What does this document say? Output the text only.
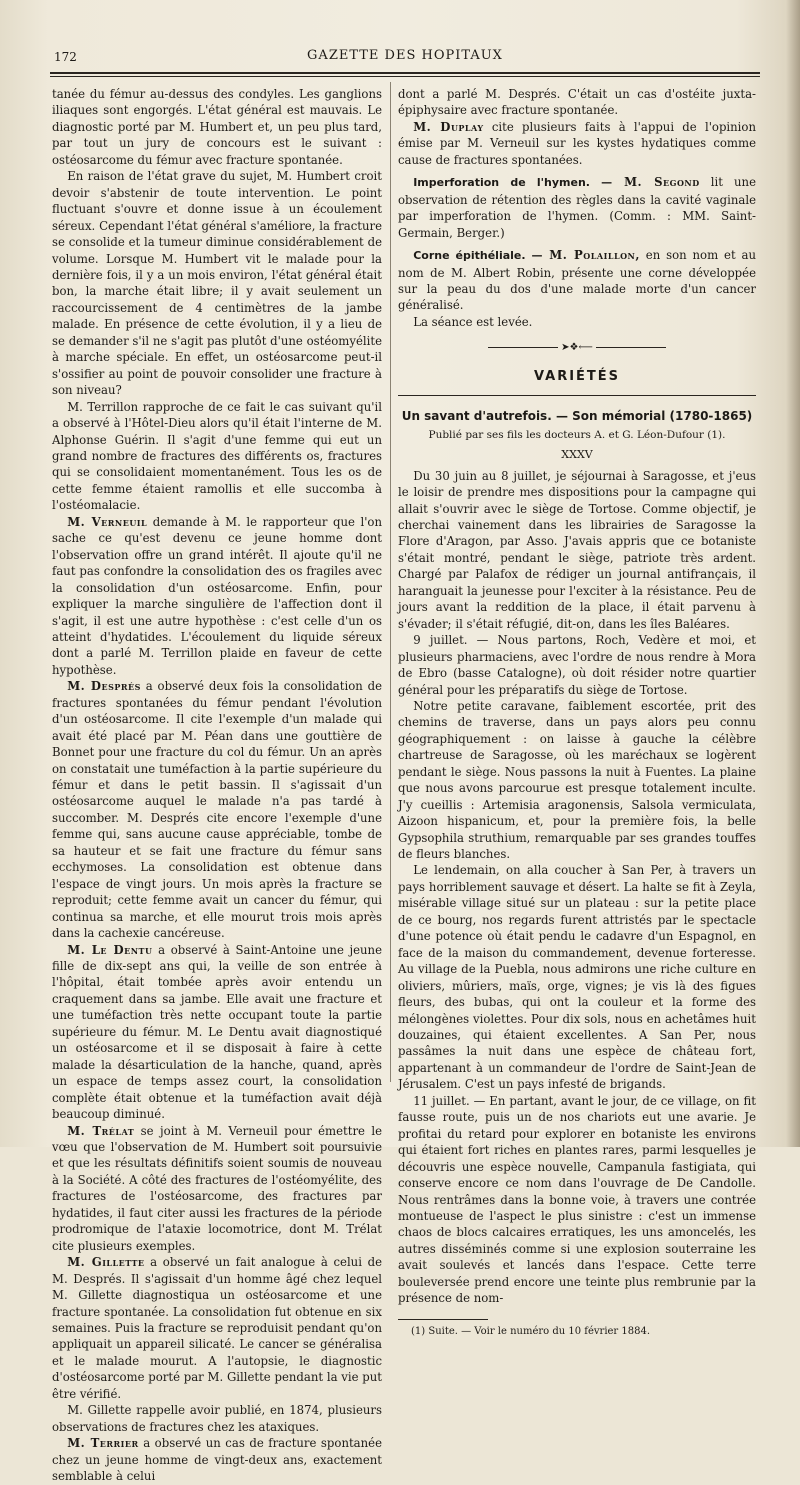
172	GAZETTE DES HOPITAUX

tanée du fémur au-dessus des condyles. Les ganglions iliaques sont engorgés. L'état général est mauvais. Le diagnostic porté par M. Humbert et, un peu plus tard, par tout un jury de concours est le suivant : ostéosarcome du fémur avec fracture spontanée.

En raison de l'état grave du sujet, M. Humbert croit devoir s'abstenir de toute intervention. Le point fluctuant s'ouvre et donne issue à un écoulement séreux. Cependant l'état général s'améliore, la fracture se consolide et la tumeur diminue considérablement de volume. Lorsque M. Humbert vit le malade pour la dernière fois, il y a un mois environ, l'état général était bon, la marche était libre; il y avait seulement un raccourcissement de 4 centimètres de la jambe malade. En présence de cette évolution, il y a lieu de se demander s'il ne s'agit pas plutôt d'une ostéomyélite à marche spéciale. En effet, un ostéosarcome peut-il s'ossifier au point de pouvoir consolider une fracture à son niveau?

M. Terrillon rapproche de ce fait le cas suivant qu'il a observé à l'Hôtel-Dieu alors qu'il était l'interne de M. Alphonse Guérin. Il s'agit d'une femme qui eut un grand nombre de fractures des différents os, fractures qui se consolidaient momentanément. Tous les os de cette femme étaient ramollis et elle succomba à l'ostéomalacie.

M. Verneuil demande à M. le rapporteur que l'on sache ce qu'est devenu ce jeune homme dont l'observation offre un grand intérêt. Il ajoute qu'il ne faut pas confondre la consolidation des os fragiles avec la consolidation d'un ostéosarcome. Enfin, pour expliquer la marche singulière de l'affection dont il s'agit, il est une autre hypothèse : c'est celle d'un os atteint d'hydatides. L'écoulement du liquide séreux dont a parlé M. Terrillon plaide en faveur de cette hypothèse.

M. Després a observé deux fois la consolidation de fractures spontanées du fémur pendant l'évolution d'un ostéosarcome. Il cite l'exemple d'un malade qui avait été placé par M. Péan dans une gouttière de Bonnet pour une fracture du col du fémur. Un an après on constatait une tuméfaction à la partie supérieure du fémur et dans le petit bassin. Il s'agissait d'un ostéosarcome auquel le malade n'a pas tardé à succomber. M. Després cite encore l'exemple d'une femme qui, sans aucune cause appréciable, tombe de sa hauteur et se fait une fracture du fémur sans ecchymoses. La consolidation est obtenue dans l'espace de vingt jours. Un mois après la fracture se reproduit; cette femme avait un cancer du fémur, qui continua sa marche, et elle mourut trois mois après dans la cachexie cancéreuse.

M. Le Dentu a observé à Saint-Antoine une jeune fille de dix-sept ans qui, la veille de son entrée à l'hôpital, était tombée après avoir entendu un craquement dans sa jambe. Elle avait une fracture et une tuméfaction très nette occupant toute la partie supérieure du fémur. M. Le Dentu avait diagnostiqué un ostéosarcome et il se disposait à faire à cette malade la désarticulation de la hanche, quand, après un espace de temps assez court, la consolidation complète était obtenue et la tuméfaction avait déjà beaucoup diminué.

M. Trélat se joint à M. Verneuil pour émettre le vœu que l'observation de M. Humbert soit poursuivie et que les résultats définitifs soient soumis de nouveau à la Société. A côté des fractures de l'ostéomyélite, des fractures de l'ostéosarcome, des fractures par hydatides, il faut citer aussi les fractures de la période prodromique de l'ataxie locomotrice, dont M. Trélat cite plusieurs exemples.

M. Gillette a observé un fait analogue à celui de M. Després. Il s'agissait d'un homme âgé chez lequel M. Gillette diagnostiqua un ostéosarcome et une fracture spontanée. La consolidation fut obtenue en six semaines. Puis la fracture se reproduisit pendant qu'on appliquait un appareil silicaté. Le cancer se généralisa et le malade mourut. A l'autopsie, le diagnostic d'ostéosarcome porté par M. Gillette pendant la vie put être vérifié.

M. Gillette rappelle avoir publié, en 1874, plusieurs observations de fractures chez les ataxiques.

M. Terrier a observé un cas de fracture spontanée chez un jeune homme de vingt-deux ans, exactement semblable à celui

dont a parlé M. Després. C'était un cas d'ostéite juxta-épiphysaire avec fracture spontanée.

M. Duplay cite plusieurs faits à l'appui de l'opinion émise par M. Verneuil sur les kystes hydatiques comme cause de fractures spontanées.

Imperforation de l'hymen. — M. Segond lit une observation de rétention des règles dans la cavité vaginale par imperforation de l'hymen. (Comm. : MM. Saint-Germain, Berger.)

Corne épithéliale. — M. Polaillon, en son nom et au nom de M. Albert Robin, présente une corne développée sur la peau du dos d'une malade morte d'un cancer généralisé.

La séance est levée.

➤❖⟵
VARIÉTÉS
Un savant d'autrefois. — Son mémorial (1780-1865)
Publié par ses fils les docteurs A. et G. Léon-Dufour (1).
XXXV

Du 30 juin au 8 juillet, je séjournai à Saragosse, et j'eus le loisir de prendre mes dispositions pour la campagne qui allait s'ouvrir avec le siège de Tortose. Comme objectif, je cherchai vainement dans les librairies de Saragosse la Flore d'Aragon, par Asso. J'avais appris que ce botaniste s'était montré, pendant le siège, patriote très ardent. Chargé par Palafox de rédiger un journal antifrançais, il haranguait la jeunesse pour l'exciter à la résistance. Peu de jours avant la reddition de la place, il était parvenu à s'évader; il s'était réfugié, dit-on, dans les îles Baléares.

9 juillet. — Nous partons, Roch, Vedère et moi, et plusieurs pharmaciens, avec l'ordre de nous rendre à Mora de Ebro (basse Catalogne), où doit résider notre quartier général pour les préparatifs du siège de Tortose.

Notre petite caravane, faiblement escortée, prit des chemins de traverse, dans un pays alors peu connu géographiquement : on laisse à gauche la célèbre chartreuse de Saragosse, où les maréchaux se logèrent pendant le siège. Nous passons la nuit à Fuentes. La plaine que nous avons parcourue est presque totalement inculte. J'y cueillis : Artemisia aragonensis, Salsola vermiculata, Aizoon hispanicum, et, pour la première fois, la belle Gypsophila struthium, remarquable par ses grandes touffes de fleurs blanches.

Le lendemain, on alla coucher à San Per, à travers un pays horriblement sauvage et désert. La halte se fit à Zeyla, misérable village situé sur un plateau : sur la petite place de ce bourg, nos regards furent attristés par le spectacle d'une potence où était pendu le cadavre d'un Espagnol, en face de la maison du commandement, devenue forteresse. Au village de la Puebla, nous admirons une riche culture en oliviers, mûriers, maïs, orge, vignes; je vis là des figues fleurs, des bubas, qui ont la couleur et la forme des mélongènes violettes. Pour dix sols, nous en achetâmes huit douzaines, qui étaient excellentes. A San Per, nous passâmes la nuit dans une espèce de château fort, appartenant à un commandeur de l'ordre de Saint-Jean de Jérusalem. C'est un pays infesté de brigands.

11 juillet. — En partant, avant le jour, de ce village, on fit fausse route, puis un de nos chariots eut une avarie. Je profitai du retard pour explorer en botaniste les environs qui étaient fort riches en plantes rares, parmi lesquelles je découvris une espèce nouvelle, Campanula fastigiata, qui conserve encore ce nom dans l'ouvrage de De Candolle. Nous rentrâmes dans la bonne voie, à travers une contrée montueuse de l'aspect le plus sinistre : c'est un immense chaos de blocs calcaires erratiques, les uns amoncelés, les autres disséminés comme si une explosion souterraine les avait soulevés et lancés dans l'espace. Cette terre bouleversée prend encore une teinte plus rembrunie par la présence de nom-

(1) Suite. — Voir le numéro du 10 février 1884.
